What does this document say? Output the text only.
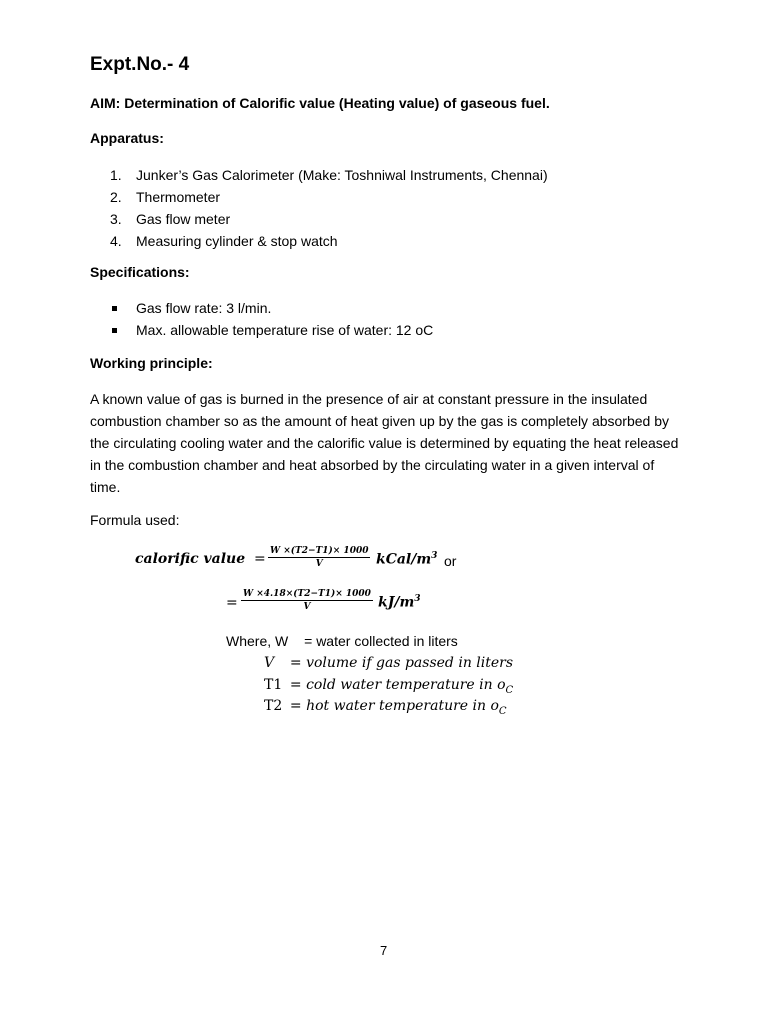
Expt.No.- 4
AIM: Determination of Calorific value (Heating value) of gaseous fuel.
Apparatus:
1. Junker’s Gas Calorimeter (Make: Toshniwal Instruments, Chennai)
2. Thermometer
3. Gas flow meter
4. Measuring cylinder & stop watch
Specifications:
Gas flow rate: 3 l/min.
Max. allowable temperature rise of water: 12 oC
Working principle:
A known value of gas is burned in the presence of air at constant pressure in the insulated
combustion chamber so as the amount of heat given up by the gas is completely absorbed by
the circulating cooling water and the calorific value is determined by equating the heat released
in the combustion chamber and heat absorbed by the circulating water in a given interval of
time.
Formula used:
calorific value = $\frac{W \times(T2-T1)\times 1000}{V}$ kCal/$m^3$ or
= $\frac{W \times 4.18\times(T2-T1)\times 1000}{V} kJ/m^3$
Where, W = water collected in liters
V = volume if gas passed in liters
T1 = cold water temperature in $o_C$
T2 = hot water temperature in $o_C$
7
